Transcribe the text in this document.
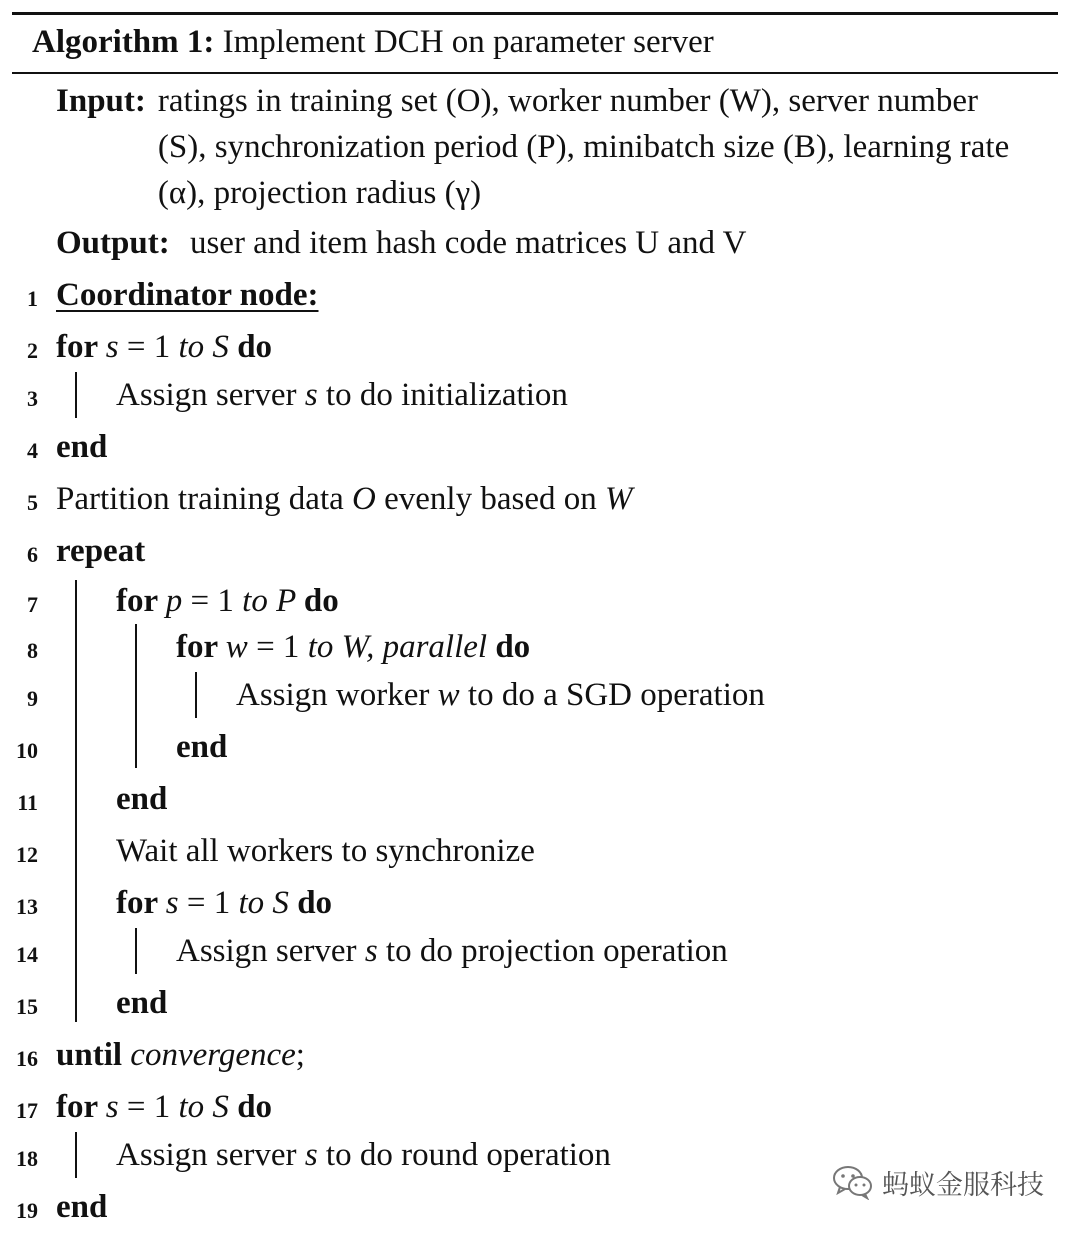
Algorithm 1: Implement DCH on parameter server
Input: ratings in training set (O), worker number (W), server number (S), synchronization period (P), minibatch size (B), learning rate (α), projection radius (γ)
Output: user and item hash code matrices U and V
1 Coordinator node:
2 for s = 1 to S do
3 Assign server s to do initialization
4 end
5 Partition training data O evenly based on W
6 repeat
7 for p = 1 to P do
8	for w = 1 to W, parallel do
9	Assign worker w to do a SGD operation
10	end
11 end
12 Wait all workers to synchronize
13 for s = 1 to S do
14	Assign server s to do projection operation
15 end
16 until convergence;
17 for s = 1 to S do
18 Assign server s to do round operation
19 end
蚂蚁金服科技
